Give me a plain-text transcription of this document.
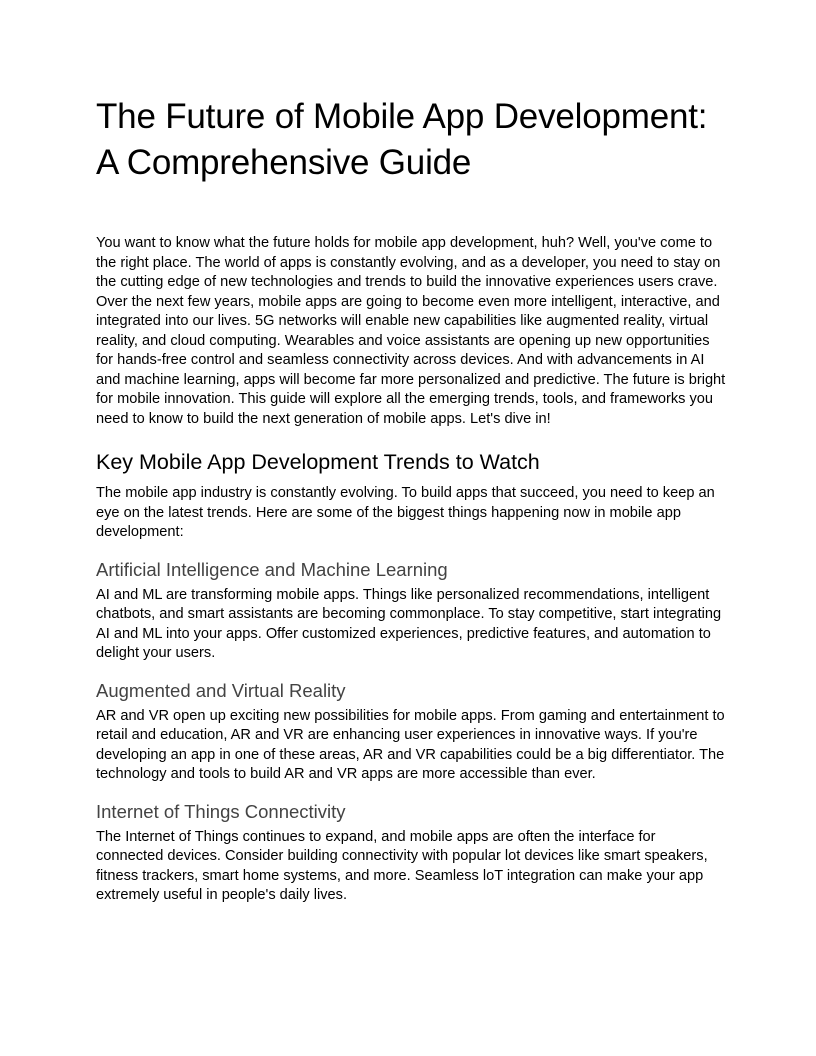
The Future of Mobile App Development:
A Comprehensive Guide

You want to know what the future holds for mobile app development, huh? Well, you've come to the right place. The world of apps is constantly evolving, and as a developer, you need to stay on the cutting edge of new technologies and trends to build the innovative experiences users crave. Over the next few years, mobile apps are going to become even more intelligent, interactive, and integrated into our lives. 5G networks will enable new capabilities like augmented reality, virtual reality, and cloud computing. Wearables and voice assistants are opening up new opportunities for hands-free control and seamless connectivity across devices. And with advancements in AI and machine learning, apps will become far more personalized and predictive. The future is bright for mobile innovation. This guide will explore all the emerging trends, tools, and frameworks you need to know to build the next generation of mobile apps. Let's dive in!

Key Mobile App Development Trends to Watch

The mobile app industry is constantly evolving. To build apps that succeed, you need to keep an eye on the latest trends. Here are some of the biggest things happening now in mobile app development:

Artificial Intelligence and Machine Learning

AI and ML are transforming mobile apps. Things like personalized recommendations, intelligent chatbots, and smart assistants are becoming commonplace. To stay competitive, start integrating AI and ML into your apps. Offer customized experiences, predictive features, and automation to delight your users.

Augmented and Virtual Reality

AR and VR open up exciting new possibilities for mobile apps. From gaming and entertainment to retail and education, AR and VR are enhancing user experiences in innovative ways. If you're developing an app in one of these areas, AR and VR capabilities could be a big differentiator. The technology and tools to build AR and VR apps are more accessible than ever.

Internet of Things Connectivity

The Internet of Things continues to expand, and mobile apps are often the interface for connected devices. Consider building connectivity with popular lot devices like smart speakers, fitness trackers, smart home systems, and more. Seamless loT integration can make your app extremely useful in people's daily lives.
